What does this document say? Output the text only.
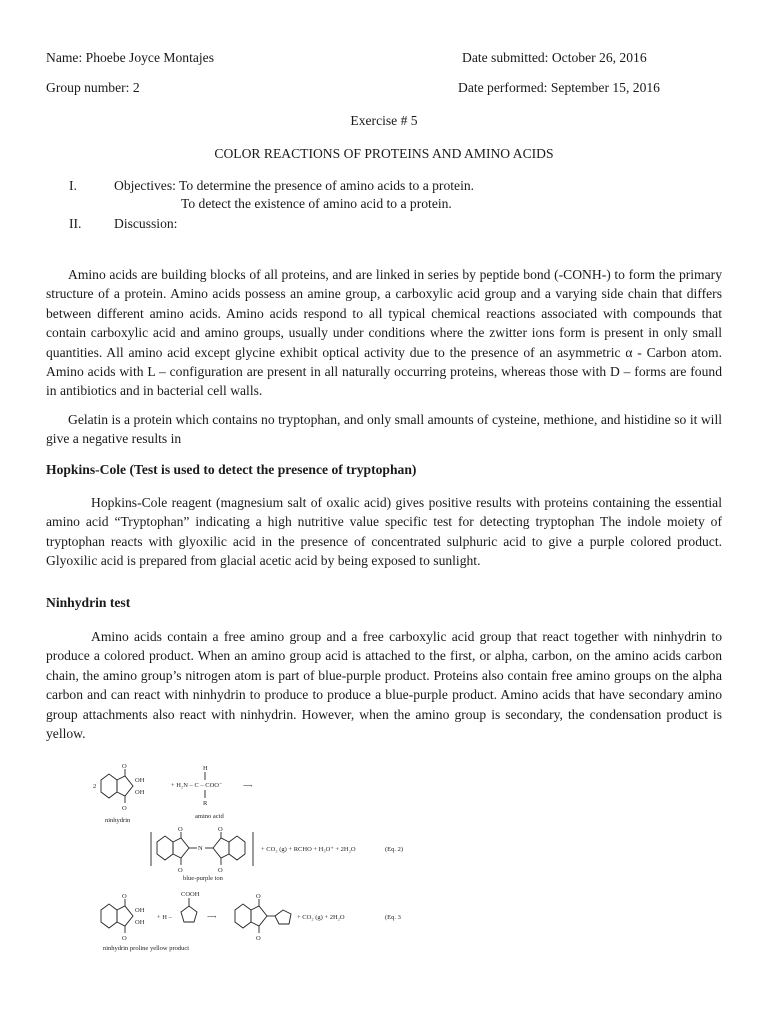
Name: Phoebe Joyce Montajes	Date submitted: October 26, 2016
Group number: 2	Date performed: September 15, 2016
Exercise # 5
COLOR REACTIONS OF PROTEINS AND AMINO ACIDS
I.	Objectives: To determine the presence of amino acids to a protein.
To detect the existence of amino acid to a protein.
II. Discussion:
Amino acids are building blocks of all proteins, and are linked in series by peptide bond (-CONH-) to form the primary structure of a protein. Amino acids possess an amine group, a carboxylic acid group and a varying side chain that differs between different amino acids. Amino acids respond to all typical chemical reactions associated with compounds that contain carboxylic acid and amino groups, usually under conditions where the zwitter ions form is present in only small quantities. All amino acid except glycine exhibit optical activity due to the presence of an asymmetric α - Carbon atom. Amino acids with L – configuration are present in all naturally occurring proteins, whereas those with D – forms are found in antibiotics and in bacterial cell walls.
Gelatin is a protein which contains no tryptophan, and only small amounts of cysteine, methione, and histidine so it will give a negative results in
Hopkins-Cole (Test is used to detect the presence of tryptophan)
Hopkins-Cole reagent (magnesium salt of oxalic acid) gives positive results with proteins containing the essential amino acid “Tryptophan” indicating a high nutritive value specific test for detecting tryptophan The indole moiety of tryptophan reacts with glyoxilic acid in the presence of concentrated sulphuric acid to give a purple colored product. Glyoxilic acid is prepared from glacial acetic acid by being exposed to sunlight.
Ninhydrin test
Amino acids contain a free amino group and a free carboxylic acid group that react together with ninhydrin to produce a colored product. When an amino group acid is attached to the first, or alpha, carbon, on the amino acids carbon chain, the amino group’s nitrogen atom is part of blue-purple product. Proteins also contain free amino groups on the alpha carbon and can react with ninhydrin to produce to produce a blue-purple product. Amino acids that have secondary amino group attachments also react with ninhydrin. However, when the amino group is secondary, the condensation product is yellow.
2
O
O
OH
OH
ninhydrin
H
+ H₂N – C – COO⁻
R
⟶
amino acid
O
O
N
O
O
+ CO₂ (g) + RCHO + H₃O⁺ + 2H₂O	(Eq. 2)
blue-purple ion
O
O
OH
OH
+ H –
COOH
⟶
O
O
+ CO₂ (g) + 2H₂O	(Eq. 3
ninhydrin proline yellow product
